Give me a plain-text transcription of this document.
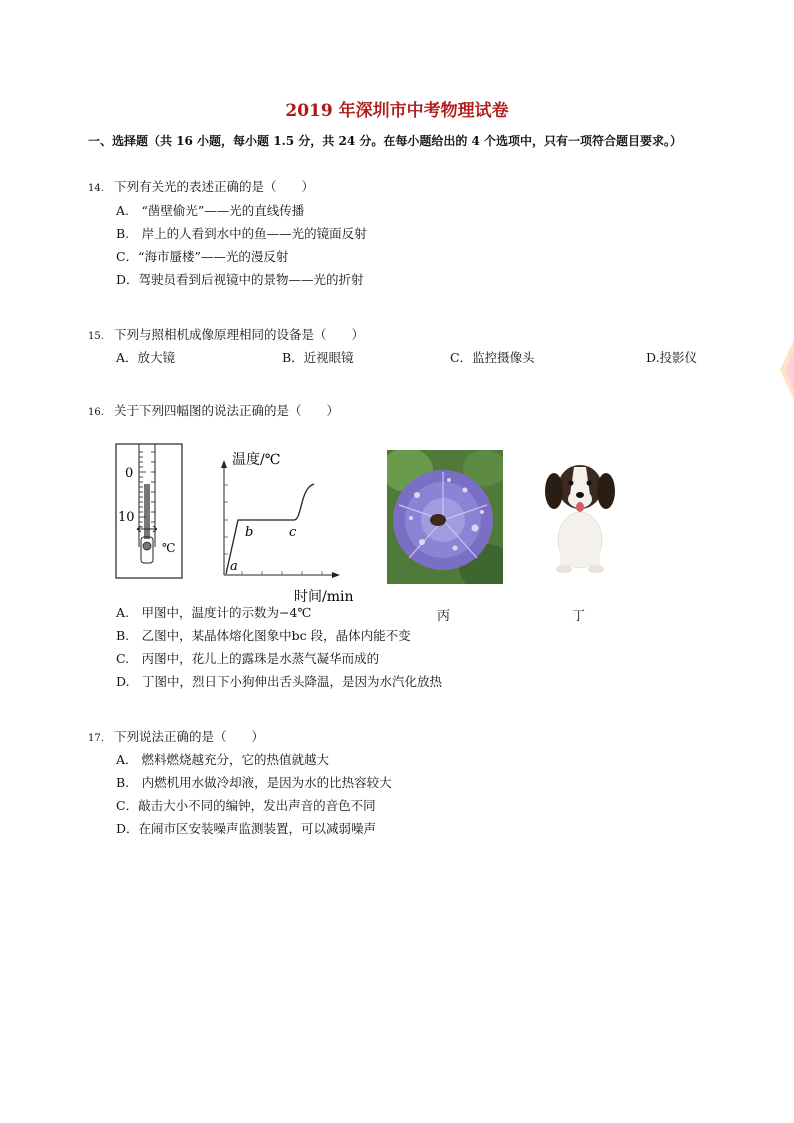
2019 年深圳市中考物理试卷
一、选择题（共 16 小题，每小题 1.5 分，共 24 分。在每小题给出的 4 个选项中，只有一项符合题目要求。）
14. 下列有关光的表述正确的是（　　）
A.　“凿壁偷光”——光的直线传播
B.　岸上的人看到水中的鱼——光的镜面反射
C．“海市蜃楼”——光的漫反射
D．驾驶员看到后视镜中的景物——光的折射
15. 下列与照相机成像原理相同的设备是（　　）
A．放大镜	B．近视眼镜	C．监控摄像头	D.投影仪
16. 关于下列四幅图的说法正确的是（　　）
0
10
℃
温度/℃
a
b	c
时间/min
丙	丁
A.　甲图中，温度计的示数为−4℃
B.　乙图中，某晶体熔化图象中bc 段，晶体内能不变
C.　丙图中，花儿上的露珠是水蒸气凝华而成的
D.　丁图中，烈日下小狗伸出舌头降温，是因为水汽化放热
17. 下列说法正确的是（　　）
A.　燃料燃烧越充分，它的热值就越大
B.　内燃机用水做冷却液，是因为水的比热容较大
C．敲击大小不同的编钟，发出声音的音色不同
D．在闹市区安装噪声监测装置，可以减弱噪声
